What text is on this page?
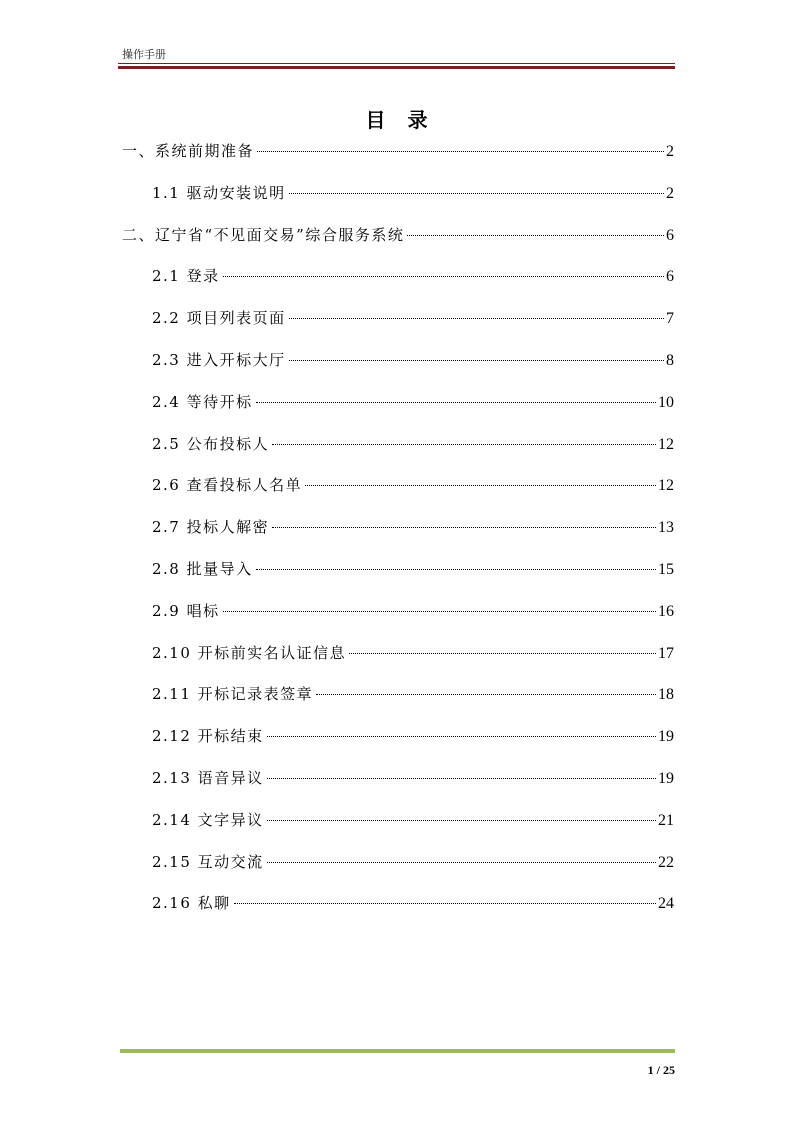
操作手册
目录
一、系统前期准备	2
1.1 驱动安装说明	2
二、辽宁省“不见面交易”综合服务系统	6
2.1 登录	6
2.2 项目列表页面	7
2.3 进入开标大厅	8
2.4 等待开标	10
2.5 公布投标人	12
2.6 查看投标人名单	12
2.7 投标人解密	13
2.8 批量导入	15
2.9 唱标	16
2.10 开标前实名认证信息	17
2.11 开标记录表签章	18
2.12 开标结束	19
2.13 语音异议	19
2.14 文字异议	21
2.15 互动交流	22
2.16 私聊	24
1 / 25
